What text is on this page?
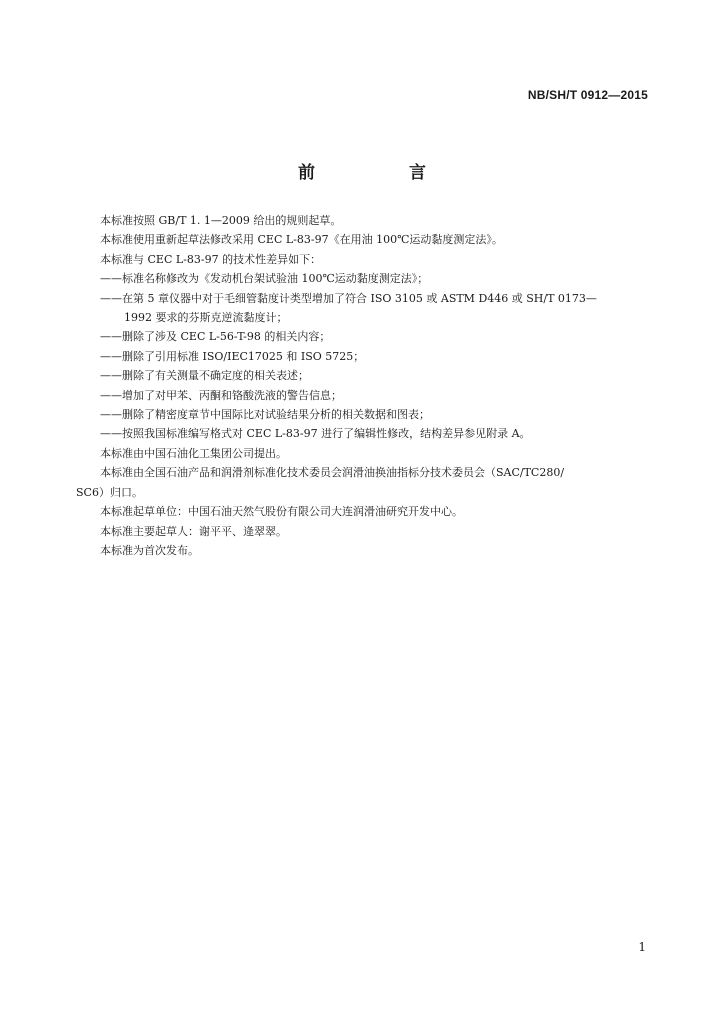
NB/SH/T 0912—2015
前 言

本标准按照 GB/T 1. 1—2009 给出的规则起草。

本标准使用重新起草法修改采用 CEC L-83-97《在用油 100℃运动黏度测定法》。

本标准与 CEC L-83-97 的技术性差异如下：

——标准名称修改为《发动机台架试验油 100℃运动黏度测定法》；

——在第 5 章仪器中对于毛细管黏度计类型增加了符合 ISO 3105 或 ASTM D446 或 SH/T 0173—

1992 要求的芬斯克逆流黏度计；

——删除了涉及 CEC L-56-T-98 的相关内容；

——删除了引用标准 ISO/IEC17025 和 ISO 5725；

——删除了有关测量不确定度的相关表述；

——增加了对甲苯、丙酮和铬酸洗液的警告信息；

——删除了精密度章节中国际比对试验结果分析的相关数据和图表；

——按照我国标准编写格式对 CEC L-83-97 进行了编辑性修改，结构差异参见附录 A。

本标准由中国石油化工集团公司提出。

本标准由全国石油产品和润滑剂标准化技术委员会润滑油换油指标分技术委员会（SAC/TC280/

SC6）归口。

本标准起草单位：中国石油天然气股份有限公司大连润滑油研究开发中心。

本标准主要起草人：谢平平、逄翠翠。

本标准为首次发布。

1
